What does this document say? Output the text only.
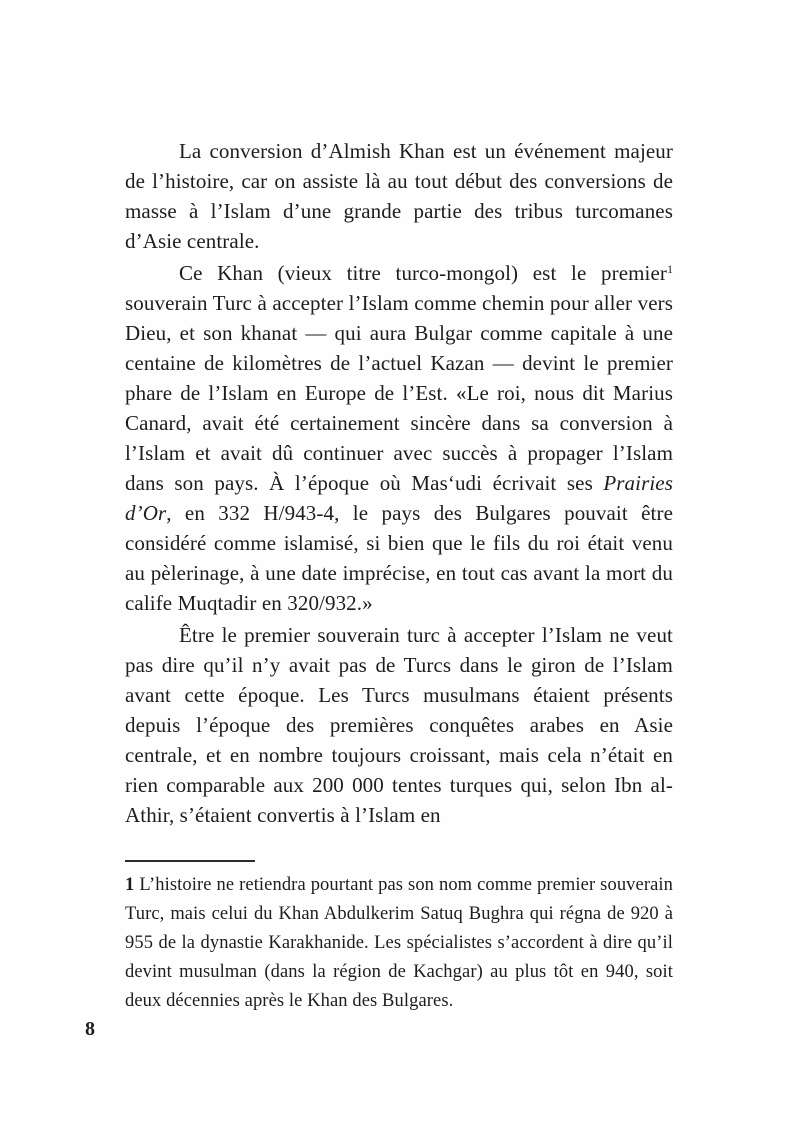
La conversion d’Almish Khan est un événement majeur de l’histoire, car on assiste là au tout début des conversions de masse à l’Islam d’une grande partie des tribus turcomanes d’Asie centrale.

Ce Khan (vieux titre turco-mongol) est le premier$^1$ souverain Turc à accepter l’Islam comme chemin pour aller vers Dieu, et son khanat — qui aura Bulgar comme capitale à une centaine de kilomètres de l’actuel Kazan — devint le premier phare de l’Islam en Europe de l’Est. «Le roi, nous dit Marius Canard, avait été certainement sincère dans sa conversion à l’Islam et avait dû continuer avec succès à propager l’Islam dans son pays. À l’époque où Mas‘udi écrivait ses Prairies d’Or, en 332 H/943-4, le pays des Bulgares pouvait être considéré comme islamisé, si bien que le fils du roi était venu au pèlerinage, à une date imprécise, en tout cas avant la mort du calife Muqtadir en 320/932.»

Être le premier souverain turc à accepter l’Islam ne veut pas dire qu’il n’y avait pas de Turcs dans le giron de l’Islam avant cette époque. Les Turcs musulmans étaient présents depuis l’époque des premières conquêtes arabes en Asie centrale, et en nombre toujours croissant, mais cela n’était en rien comparable aux 200 000 tentes turques qui, selon Ibn al-Athir, s’étaient convertis à l’Islam en

1 L’histoire ne retiendra pourtant pas son nom comme premier souverain Turc, mais celui du Khan Abdulkerim Satuq Bughra qui régna de 920 à 955 de la dynastie Karakhanide. Les spécialistes s’accordent à dire qu’il devint musulman (dans la région de Kachgar) au plus tôt en 940, soit deux décennies après le Khan des Bulgares.

8
